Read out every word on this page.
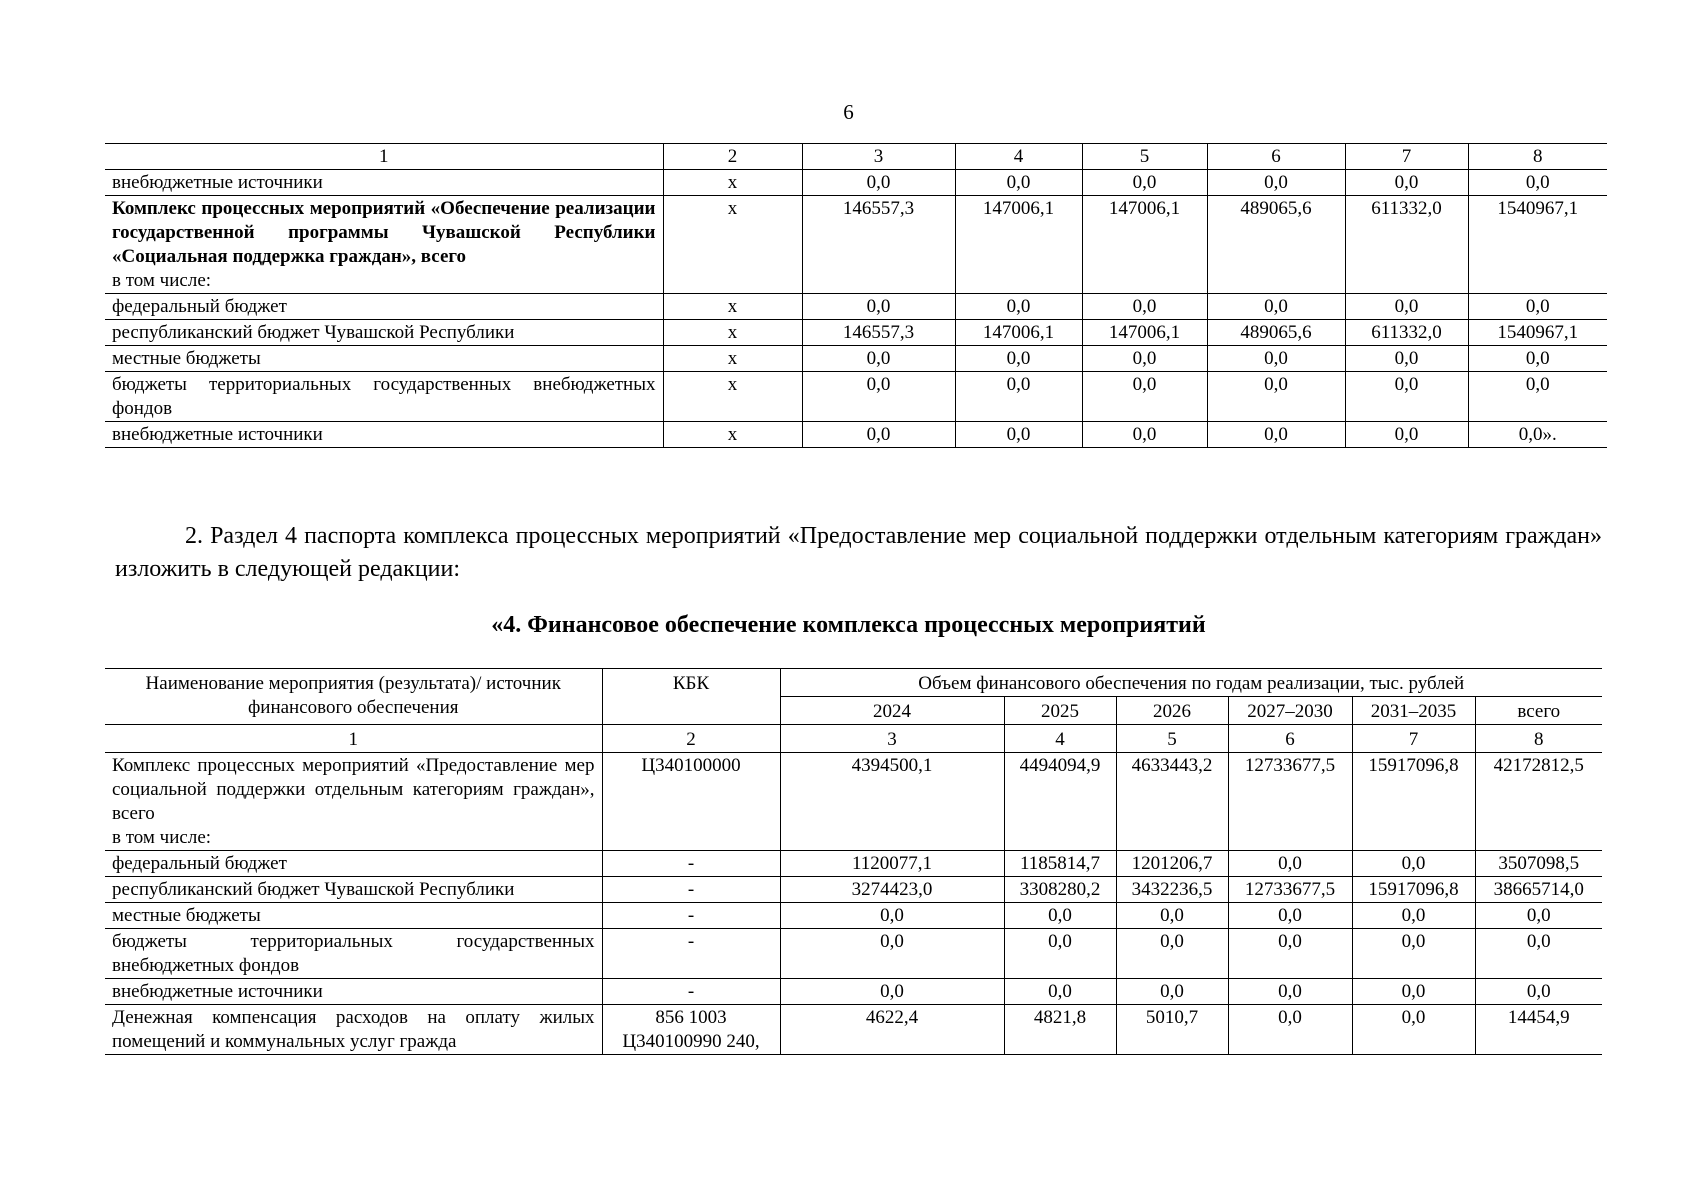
6
1	2	3	4	5	6	7	8

внебюджетные источники	x	0,0	0,0	0,0	0,0	0,0	0,0

Комплекс процессных мероприятий «Обеспечение реализации государственной программы Чувашской Республики «Социальная поддержка граждан», всего
в том числе:	x	146557,3	147006,1	147006,1	489065,6	611332,0	1540967,1

федеральный бюджет	x	0,0	0,0	0,0	0,0	0,0	0,0

республиканский бюджет Чувашской Республики	x	146557,3	147006,1	147006,1	489065,6	611332,0	1540967,1

местные бюджеты	x	0,0	0,0	0,0	0,0	0,0	0,0

бюджеты территориальных государственных внебюджетных фондов	x	0,0	0,0	0,0	0,0	0,0	0,0

внебюджетные источники	x	0,0	0,0	0,0	0,0	0,0	0,0».
2. Раздел 4 паспорта комплекса процессных мероприятий «Предоставление мер социальной поддержки отдельным категориям граждан» изложить в следующей редакции:
«4. Финансовое обеспечение комплекса процессных мероприятий
Наименование мероприятия (результата)/ источник финансового обеспечения	КБК	Объем финансового обеспечения по годам реализации, тыс. рублей					
		2024	2025	2026	2027–2030	2031–2035	всего
1	2	3	4	5	6	7	8

Комплекс процессных мероприятий «Предоставление мер социальной поддержки отдельным категориям граждан», всего
в том числе:	Ц340100000	4394500,1	4494094,9	4633443,2	12733677,5	15917096,8	42172812,5

федеральный бюджет	-	1120077,1	1185814,7	1201206,7	0,0	0,0	3507098,5

республиканский бюджет Чувашской Республики	-	3274423,0	3308280,2	3432236,5	12733677,5	15917096,8	38665714,0

местные бюджеты	-	0,0	0,0	0,0	0,0	0,0	0,0

бюджеты территориальных государственных внебюджетных фондов	-	0,0	0,0	0,0	0,0	0,0	0,0

внебюджетные источники	-	0,0	0,0	0,0	0,0	0,0	0,0

Денежная компенсация расходов на оплату жилых помещений и коммунальных услуг гражда	856 1003 Ц340100990 240,	4622,4	4821,8	5010,7	0,0	0,0	14454,9
